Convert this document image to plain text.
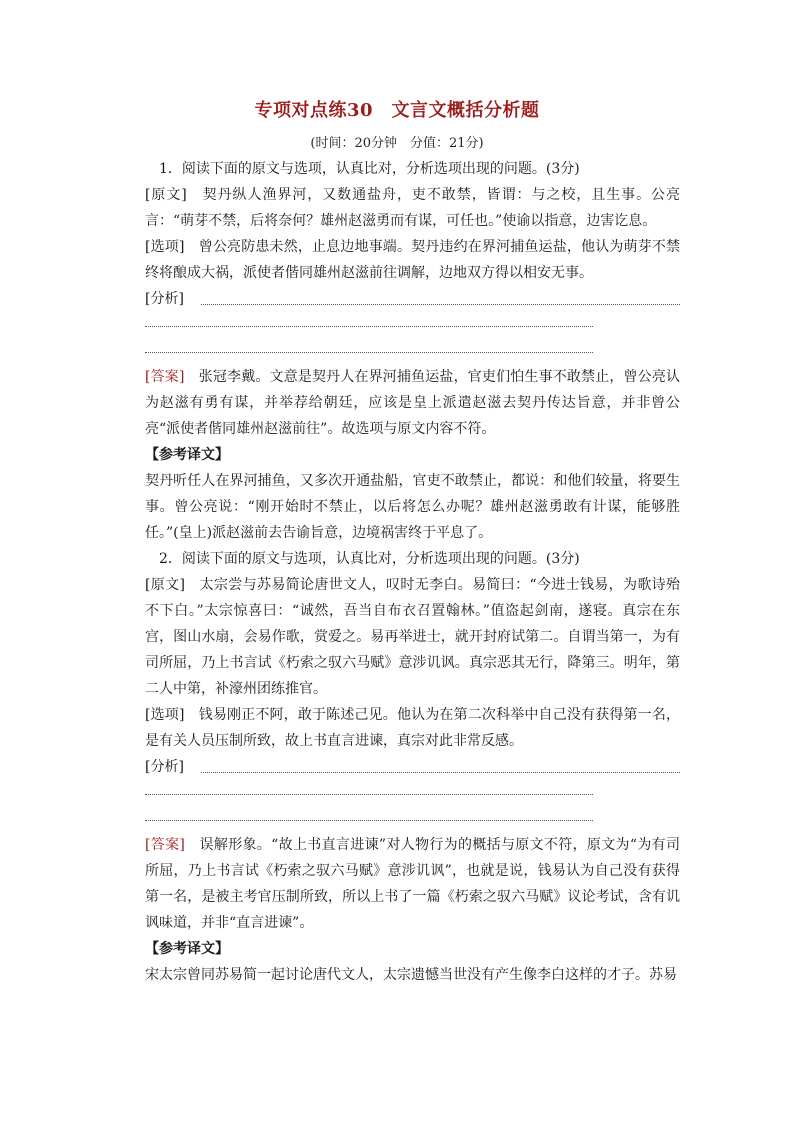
专项对点练30　文言文概括分析题
(时间：20分钟　分值：21分)

　1．阅读下面的原文与选项，认真比对，分析选项出现的问题。(3分)

[原文]　契丹纵人渔界河，又数通盐舟，吏不敢禁，皆谓：与之校，且生事。公亮言：“萌芽不禁，后将奈何？雄州赵滋勇而有谋，可任也。”使谕以指意，边害讫息。

[选项]　曾公亮防患未然，止息边地事端。契丹违约在界河捕鱼运盐，他认为萌芽不禁终将酿成大祸，派使者偕同雄州赵滋前往调解，边地双方得以相安无事。

[分析]

[答案]　张冠李戴。文意是契丹人在界河捕鱼运盐，官吏们怕生事不敢禁止，曾公亮认为赵滋有勇有谋，并举荐给朝廷，应该是皇上派遣赵滋去契丹传达旨意，并非曾公亮“派使者偕同雄州赵滋前往”。故选项与原文内容不符。

【参考译文】

契丹听任人在界河捕鱼，又多次开通盐船，官吏不敢禁止，都说：和他们较量，将要生事。曾公亮说：“刚开始时不禁止，以后将怎么办呢？雄州赵滋勇敢有计谋，能够胜任。”(皇上)派赵滋前去告谕旨意，边境祸害终于平息了。

　2．阅读下面的原文与选项，认真比对，分析选项出现的问题。(3分)

[原文]　太宗尝与苏易简论唐世文人，叹时无李白。易简曰：“今进士钱易，为歌诗殆不下白。”太宗惊喜曰：“诚然，吾当自布衣召置翰林。”值盗起剑南，遂寝。真宗在东宫，图山水扇，会易作歌，赏爱之。易再举进士，就开封府试第二。自谓当第一，为有司所屈，乃上书言试《朽索之驭六马赋》意涉讥讽。真宗恶其无行，降第三。明年，第二人中第，补濠州团练推官。

[选项]　钱易刚正不阿，敢于陈述己见。他认为在第二次科举中自己没有获得第一名，是有关人员压制所致，故上书直言进谏，真宗对此非常反感。

[分析]

[答案]　误解形象。“故上书直言进谏”对人物行为的概括与原文不符，原文为“为有司所屈，乃上书言试《朽索之驭六马赋》意涉讥讽”，也就是说，钱易认为自己没有获得第一名，是被主考官压制所致，所以上书了一篇《朽索之驭六马赋》议论考试，含有讥讽味道，并非“直言进谏”。

【参考译文】

宋太宗曾同苏易简一起讨论唐代文人，太宗遗憾当世没有产生像李白这样的才子。苏易
